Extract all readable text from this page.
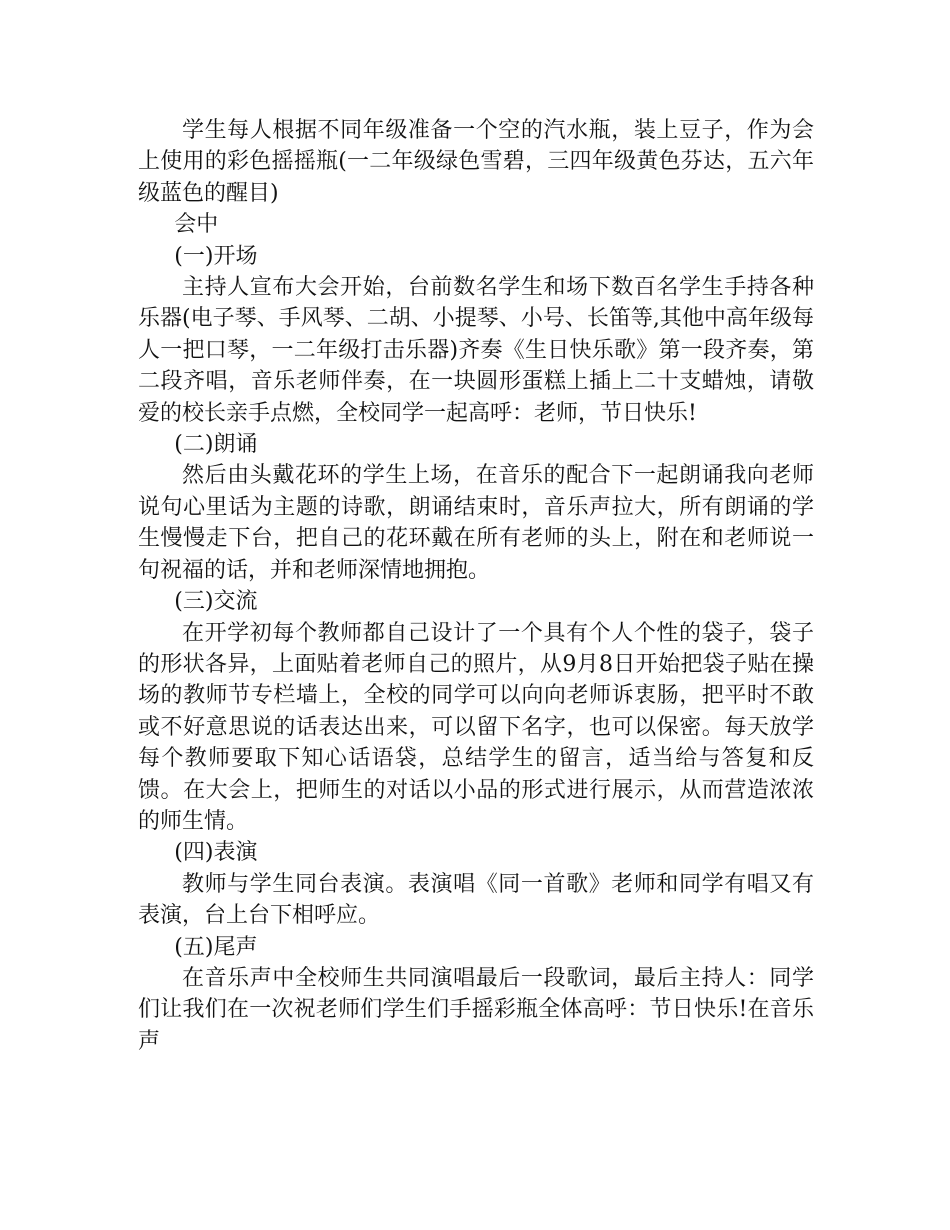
学生每人根据不同年级准备一个空的汽水瓶，装上豆子，作为会上使用的彩色摇摇瓶(一二年级绿色雪碧，三四年级黄色芬达，五六年级蓝色的醒目)

会中

(一)开场

主持人宣布大会开始，台前数名学生和场下数百名学生手持各种乐器(电子琴、手风琴、二胡、小提琴、小号、长笛等,其他中高年级每人一把口琴，一二年级打击乐器)齐奏《生日快乐歌》第一段齐奏，第二段齐唱，音乐老师伴奏，在一块圆形蛋糕上插上二十支蜡烛，请敬爱的校长亲手点燃，全校同学一起高呼：老师，节日快乐!

(二)朗诵

然后由头戴花环的学生上场，在音乐的配合下一起朗诵我向老师说句心里话为主题的诗歌，朗诵结束时，音乐声拉大，所有朗诵的学生慢慢走下台，把自己的花环戴在所有老师的头上，附在和老师说一句祝福的话，并和老师深情地拥抱。

(三)交流

在开学初每个教师都自己设计了一个具有个人个性的袋子，袋子的形状各异，上面贴着老师自己的照片，从9月8日开始把袋子贴在操场的教师节专栏墙上，全校的同学可以向向老师诉衷肠，把平时不敢或不好意思说的话表达出来，可以留下名字，也可以保密。每天放学每个教师要取下知心话语袋，总结学生的留言，适当给与答复和反馈。在大会上，把师生的对话以小品的形式进行展示，从而营造浓浓的师生情。

(四)表演

教师与学生同台表演。表演唱《同一首歌》老师和同学有唱又有表演，台上台下相呼应。

(五)尾声

在音乐声中全校师生共同演唱最后一段歌词，最后主持人：同学们让我们在一次祝老师们学生们手摇彩瓶全体高呼：节日快乐!在音乐声
